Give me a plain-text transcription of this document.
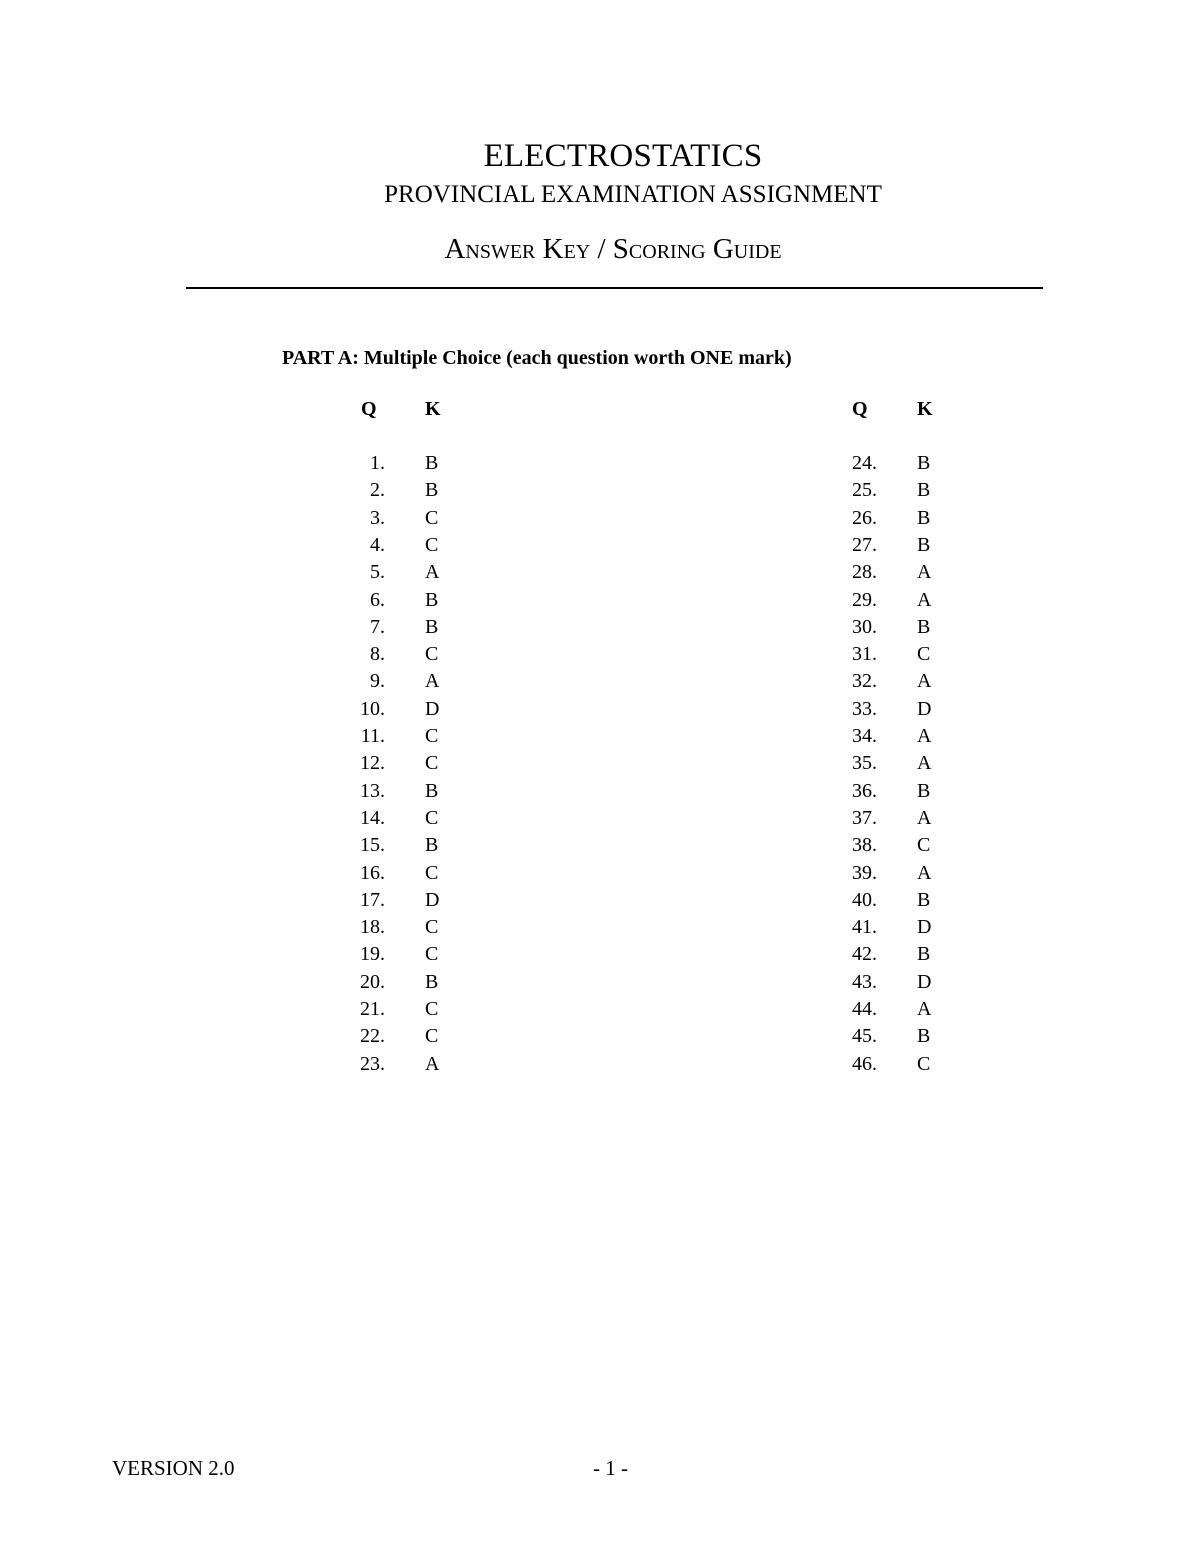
ELECTROSTATICS
PROVINCIAL EXAMINATION ASSIGNMENT
Answer Key / Scoring Guide
PART A: Multiple Choice (each question worth ONE mark)
Q K	Q K
1. B
2. B
3. C
4. C
5. A
6. B
7. B
8. C
9. A
10. D
11. C
12. C
13. B
14. C
15. B
16. C
17. D
18. C
19. C
20. B
21. C
22. C
23. A
24. B
25. B
26. B
27. B
28. A
29. A
30. B
31. C
32. A
33. D
34. A
35. A
36. B
37. A
38. C
39. A
40. B
41. D
42. B
43. D
44. A
45. B
46. C
VERSION 2.0	- 1 -
